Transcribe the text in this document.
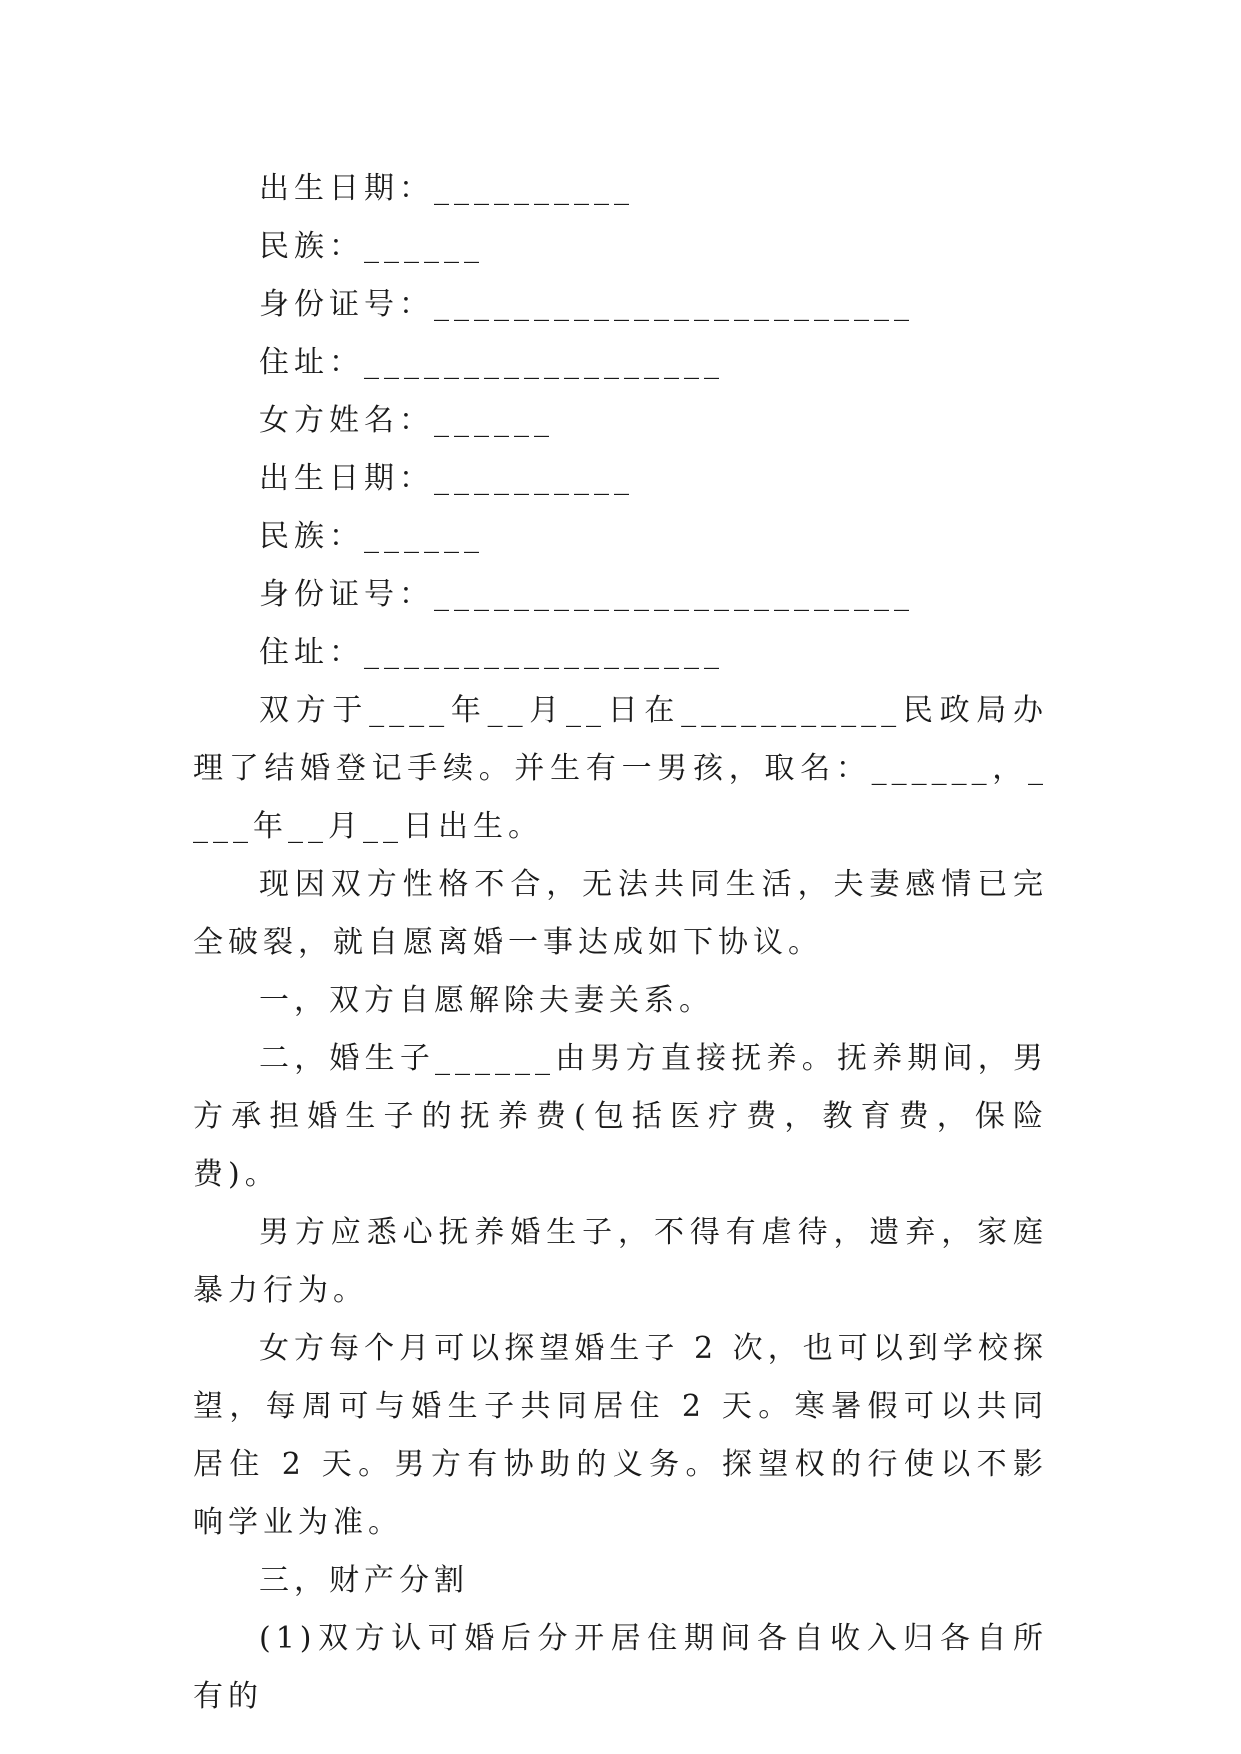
出生日期：__________

民族：______

身份证号：________________________

住址：__________________

女方姓名：______

出生日期：__________

民族：______

身份证号：________________________

住址：__________________

双方于____年__月__日在___________民政局办理了结婚登记手续。并生有一男孩，取名：______，____年__月__日出生。

现因双方性格不合，无法共同生活，夫妻感情已完全破裂，就自愿离婚一事达成如下协议。

一，双方自愿解除夫妻关系。

二，婚生子______由男方直接抚养。抚养期间，男方承担婚生子的抚养费(包括医疗费，教育费，保险费)。

男方应悉心抚养婚生子，不得有虐待，遗弃，家庭暴力行为。

女方每个月可以探望婚生子 2 次，也可以到学校探望，每周可与婚生子共同居住 2 天。寒暑假可以共同居住 2 天。男方有协助的义务。探望权的行使以不影响学业为准。

三，财产分割

(1)双方认可婚后分开居住期间各自收入归各自所有的
